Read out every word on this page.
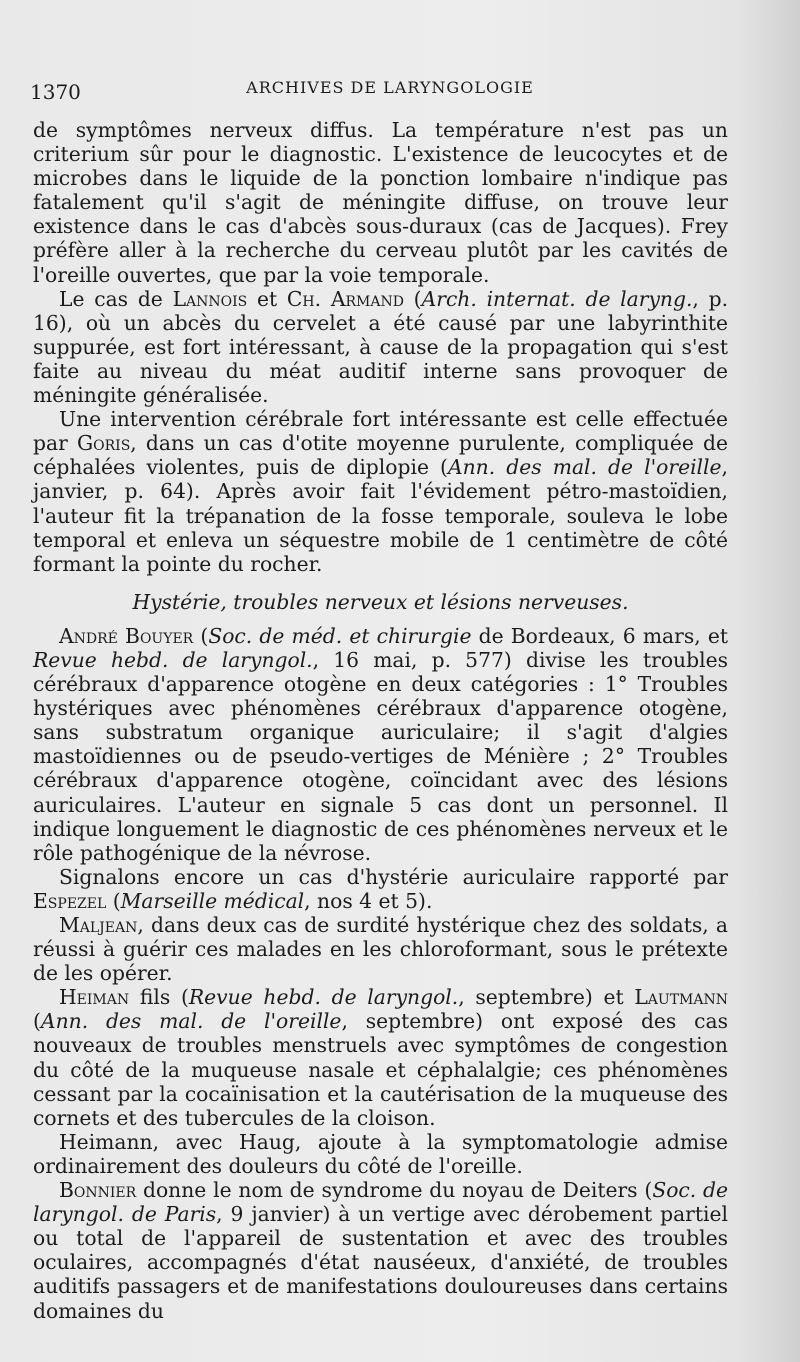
1370	ARCHIVES DE LARYNGOLOGIE

de symptômes nerveux diffus. La température n'est pas un criterium sûr pour le diagnostic. L'existence de leucocytes et de microbes dans le liquide de la ponction lombaire n'indique pas fatalement qu'il s'agit de méningite diffuse, on trouve leur existence dans le cas d'abcès sous-duraux (cas de Jacques). Frey préfère aller à la recherche du cerveau plutôt par les cavités de l'oreille ouvertes, que par la voie temporale.

Le cas de Lannois et Ch. Armand (Arch. internat. de laryng., p. 16), où un abcès du cervelet a été causé par une labyrinthite suppurée, est fort intéressant, à cause de la propagation qui s'est faite au niveau du méat auditif interne sans provoquer de méningite généralisée.

Une intervention cérébrale fort intéressante est celle effectuée par Goris, dans un cas d'otite moyenne purulente, compliquée de céphalées violentes, puis de diplopie (Ann. des mal. de l'oreille, janvier, p. 64). Après avoir fait l'évidement pétro-mastoïdien, l'auteur fit la trépanation de la fosse temporale, souleva le lobe temporal et enleva un séquestre mobile de 1 centimètre de côté formant la pointe du rocher.

Hystérie, troubles nerveux et lésions nerveuses.

André Bouyer (Soc. de méd. et chirurgie de Bordeaux, 6 mars, et Revue hebd. de laryngol., 16 mai, p. 577) divise les troubles cérébraux d'apparence otogène en deux catégories : 1° Troubles hystériques avec phénomènes cérébraux d'apparence otogène, sans substratum organique auriculaire; il s'agit d'algies mastoïdiennes ou de pseudo-vertiges de Ménière ; 2° Troubles cérébraux d'apparence otogène, coïncidant avec des lésions auriculaires. L'auteur en signale 5 cas dont un personnel. Il indique longuement le diagnostic de ces phénomènes nerveux et le rôle pathogénique de la névrose.

Signalons encore un cas d'hystérie auriculaire rapporté par Espezel (Marseille médical, nos 4 et 5).

Maljean, dans deux cas de surdité hystérique chez des soldats, a réussi à guérir ces malades en les chloroformant, sous le prétexte de les opérer.

Heiman fils (Revue hebd. de laryngol., septembre) et Lautmann (Ann. des mal. de l'oreille, septembre) ont exposé des cas nouveaux de troubles menstruels avec symptômes de congestion du côté de la muqueuse nasale et céphalalgie; ces phénomènes cessant par la cocaïnisation et la cautérisation de la muqueuse des cornets et des tubercules de la cloison.

Heimann, avec Haug, ajoute à la symptomatologie admise ordinairement des douleurs du côté de l'oreille.

Bonnier donne le nom de syndrome du noyau de Deiters (Soc. de laryngol. de Paris, 9 janvier) à un vertige avec dérobement partiel ou total de l'appareil de sustentation et avec des troubles oculaires, accompagnés d'état nauséeux, d'anxiété, de troubles auditifs passagers et de manifestations douloureuses dans certains domaines du
